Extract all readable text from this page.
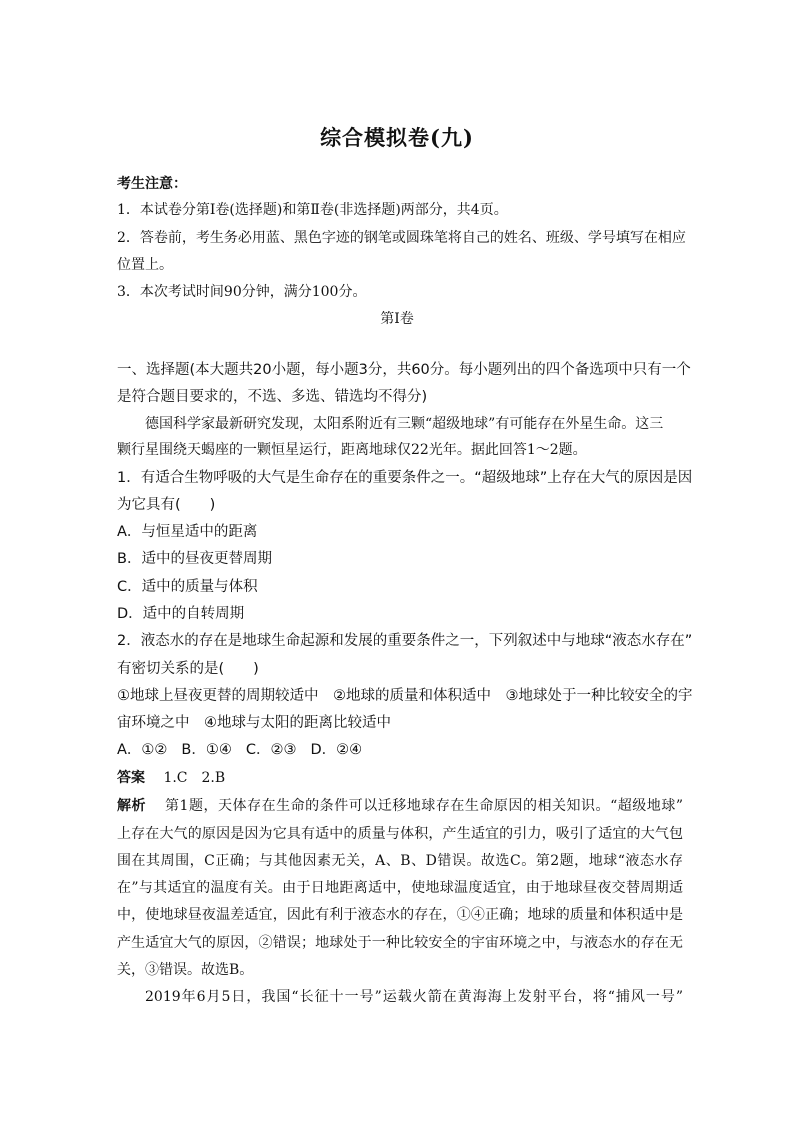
综合模拟卷(九)
考生注意：
1．本试卷分第Ⅰ卷(选择题)和第Ⅱ卷(非选择题)两部分，共4页。
2．答卷前，考生务必用蓝、黑色字迹的钢笔或圆珠笔将自己的姓名、班级、学号填写在相应
位置上。
3．本次考试时间90分钟，满分100分。
第Ⅰ卷
一、选择题(本大题共20小题，每小题3分，共60分。每小题列出的四个备选项中只有一个
是符合题目要求的，不选、多选、错选均不得分)
德国科学家最新研究发现，太阳系附近有三颗“超级地球”有可能存在外星生命。这三
颗行星围绕天蝎座的一颗恒星运行，距离地球仅22光年。据此回答1～2题。
1．有适合生物呼吸的大气是生命存在的重要条件之一。“超级地球”上存在大气的原因是因
为它具有(　　)
A．与恒星适中的距离
B．适中的昼夜更替周期
C．适中的质量与体积
D．适中的自转周期
2．液态水的存在是地球生命起源和发展的重要条件之一，下列叙述中与地球“液态水存在”
有密切关系的是(　　)
①地球上昼夜更替的周期较适中　②地球的质量和体积适中　③地球处于一种比较安全的宇
宙环境之中　④地球与太阳的距离比较适中
A．①② B．①④ C．②③ D．②④
答案 1.C　2.B
解析 第1题，天体存在生命的条件可以迁移地球存在生命原因的相关知识。“超级地球”
上存在大气的原因是因为它具有适中的质量与体积，产生适宜的引力，吸引了适宜的大气包
围在其周围，C正确；与其他因素无关，A、B、D错误。故选C。第2题，地球“液态水存
在”与其适宜的温度有关。由于日地距离适中，使地球温度适宜，由于地球昼夜交替周期适
中，使地球昼夜温差适宜，因此有利于液态水的存在，①④正确；地球的质量和体积适中是
产生适宜大气的原因，②错误；地球处于一种比较安全的宇宙环境之中，与液态水的存在无
关，③错误。故选B。
2019年6月5日，我国“长征十一号”运载火箭在黄海海上发射平台，将“捕风一号”
